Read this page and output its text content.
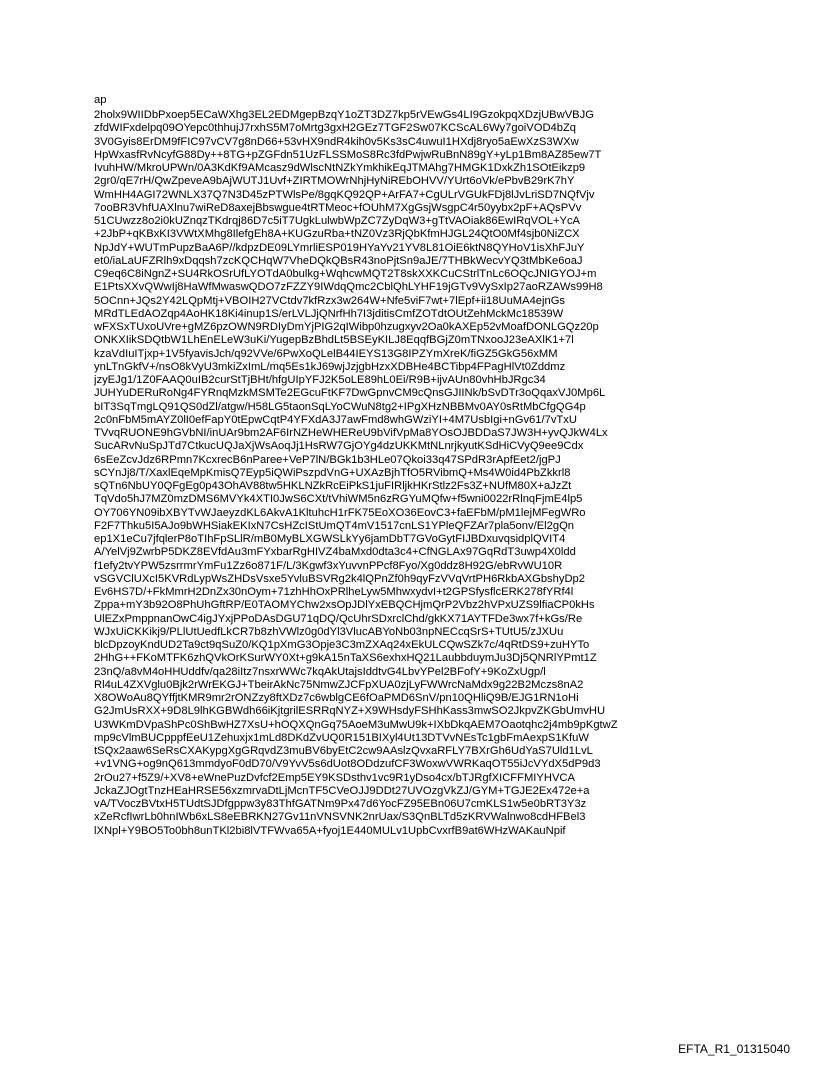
ap
2holx9WIIDbPxoep5ECaWXhg3EL2EDMgepBzqY1oZT3DZ7kp5rVEwGs4LI9GzokpqXDzjUBwVBJG
zfdWIFxdelpq09OYepc0thhujJ7rxhS5M7oMrtg3gxH2GEz7TGF2Sw07KCScAL6Wy7goiVOD4bZq
3V0Gyis8ErDM9fFIC97vCV7g8nD66+53vHX9ndR4kih0v5Ks3sC4uwuI1HXdj8ryo5aEwXzS3WXw
HpWxasfRvNcyfG88Dy++8TG+pZGFdn51UzFLSSMoS8Rc3fdPwjwRuBnN89gY+yLp1Bm8AZ85ew7T
IvuhHW/MkroUPWn/0A3KdKf9AMcasz9dWlscNtNZkYmkhikEqJTMAhg7HMGK1DxkZh1SOtEikzp9
2gr0/qE7rH/QwZpeveA9bAjWUTJ1Uvf+ZIRTMOWrNhjHyNiREbOHVV/YUrt6oVk/ePbvB29rK7hY
WmHH4AGI72WNLX37Q7N3D45zPTWlsPe/8gqKQ92QP+ArFA7+CgULrVGUkFDj8lJvLriSD7NQfVjv
7ooBR3VhfUAXlnu7wiReD8axejBbswgue4tRTMeoc+fOUhM7XgGsjWsgpC4r50yybx2pF+AQsPVv
51CUwzz8o2i0kUZnqzTKdrqj86D7c5iT7UgkLulwbWpZC7ZyDqW3+gTtVAOiak86EwIRqVOL+YcA
+2JbP+qKBxKI3VWtXMhg8IlefgEh8A+KUGzuRba+tNZ0Vz3RjQbKfmHJGL24QtO0Mf4sjb0NiZCX
NpJdY+WUTmPupzBaA6P//kdpzDE09LYmrliESP019HYaYv21YV8L81OiE6ktN8QYHoV1isXhFJuY
et0/iaLaUFZRlh9xDqqsh7zcKQCHqW7VheDQkQBsR43noPjtSn9aJE/7THBkWecvYQ3tMbKe6oaJ
C9eq6C8iNgnZ+SU4RkOSrUfLYOTdA0bulkg+WqhcwMQT2T8skXXKCuCStrlTnLc6OQcJNIGYOJ+m
E1PtsXXvQWwIj8HaWfMwaswQDO7zFZZY9IWdqQmc2CblQhLYHF19jGTv9VySxIp27aoRZAWs99H8
5OCnn+JQs2Y42LQpMtj+VBOIH27VCtdv7kfRzx3w264W+Nfe5viF7wt+7lEpf+ii18UuMA4ejnGs
MRdTLEdAOZqp4AoHK18Ki4inup1S/erLVLJjQNrfHh7I3jditisCmfZOTdtOUtZehMckMc18539W
wFXSxTUxoUVre+gMZ6pzOWN9RDIyDmYjPIG2qIWibp0hzugxyv2Oa0kAXEp52vMoafDONLGQz20p
ONKXIikSDQtbW1LhEnELeW3uKi/YugepBzBhdLt5BSEyKILJ8EqqfBGjZ0mTNxooJ23eAXlK1+7l
kzaVdIuITjxp+1V5fyavisJch/q92VVe/6PwXoQLelB44IEYS13G8IPZYmXreK/fiGZ5GkG56xMM
ynLTnGkfV+/nsO8kVyU3mkiZxImL/mq5Es1kJ69wjJzjgbHzxXDBHe4BCTibp4FPagHlVt0Zddmz
jzyEJg1/1Z0FAAQ0uIB2curStTjBHt/hfgUIpYFJ2K5oLE89hL0Ei/R9B+ijvAUn80vhHbJRgc34
JUHYuDERuRoNg4FYRnqMzkMSMTe2EGcuFtKF7DwGpnvCM9cQnsGJIINk/bSvDTr3oQqaxVJ0Mp6L
bIT3SqTmgLQ91QS0dZl/atgw/H58LG5taonSqLYoCWuN8tg2+IPgXHzNBBMv0AY0sRtMbCfgQG4p
2c0nFbM5mAYZ0lI0efFapY0tEpwCqtP4YFXdA3J7awFmd8whGWziYI+4M7UsbIgi+nGv61/7vTxU
TVvqRUONE9hGVbNI/inUAr9bm2AF6IrNZHeWHEReU9bVifVpMa8YOsOJBDDaS7JW3H+yvQJkW4Lx
SucARvNuSpJTd7CtkucUQJaXjWsAoqJj1HsRW7GjOYg4dzUKKMtNLnrjkyutKSdHiCVyQ9ee9Cdx
6sEeZcvJdz6RPmn7KcxrecB6nParee+VeP7lN/BGk1b3HLe07Qkoi33q47SPdR3rApfEet2/jgPJ
sCYnJj8/T/XaxlEqeMpKmisQ7Eyp5iQWiPszpdVnG+UXAzBjhTfO5RVibmQ+Ms4W0id4PbZkkrl8
sQTn6NbUY0QFgEg0p43OhAV88tw5HKLNZkRcEiPkS1juFIRljkHKrStlz2Fs3Z+NUfM80X+aJzZt
TqVdo5hJ7MZ0mzDMS6MVYk4XTI0JwS6CXt/tVhiWM5n6zRGYuMQfw+f5wni0022rRlnqFjmE4lp5
OY706YN09ibXBYTvWJaeyzdKL6AkvA1KltuhcH1rFK75EoXO36EovC3+faEFbM/pM1lejMFegWRo
F2F7Thku5I5AJo9bWHSiakEKIxN7CsHZcIStUmQT4mV1517cnLS1YPleQFZAr7pla5onv/El2gQn
ep1X1eCu7jfqlerP8oTIhFpSLlR/mB0MyBLXGWSLkYy6jamDbT7GVoGytFIJBDxuvqsidplQVIT4
A/YelVj9ZwrbP5DKZ8EVfdAu3mFYxbarRgHIVZ4baMxd0dta3c4+CfNGLAx97GqRdT3uwp4X0ldd
f1efy2tvYPW5zsrrmrYmFu1Zz6o871F/L/3Kgwf3xYuvvnPPcf8Fyo/Xg0ddz8H92G/ebRvWU10R
vSGVClUXcI5KVRdLypWsZHDsVsxe5YvluBSVRg2k4lQPnZf0h9qyFzVVqVrtPH6RkbAXGbshyDp2
Ev6HS7D/+FkMmrH2DnZx30nOym+71zhHhOxPRlheLyw5MhwxydvI+t2GPSfysflcERK278fYRf4l
Zppa+mY3b92O8PhUhGftRP/E0TAOMYChw2xsOpJDlYxEBQCHjmQrP2Vbz2hVPxUZS9lfiaCP0kHs
UlEZxPmppnanOwC4igJYxjPPoDAsDGU71qDQ/QcUhrSDxrclChd/gkKX71AYTFDe3wx7f+kGs/Re
WJxUiCKKikj9/PLlUtUedfLkCR7b8zhVWlz0g0dYl3VlucABYoNb03npNECcqSrS+TUtU5/zJXUu
blcDpzoyKndUD2Ta9ct9qSuZ0/KQ1pXmG3Opje3C3mZXAq24xEkULCQwSZk7c/4qRtDS9+zuHYTo
2HhG++FKoMTFK6zhQVkOrKSurWY0Xt+g9kA15nTaXS6exhxHQ21LaubbduymJu3Dj5QNRlYPmt1Z
23nQ/a8vM4oHHUddfv/qa28iItz7nsxrWWc7kqAkUtajsIddtvG4LbvYPel2BFofY+9KoZxUgp/l
Rl4uL4ZXVglu0Bjk2rWrEKGJ+TbeirAkNc75NmwZJCFpXUA0zjLyFWWrcNaMdx9g22B2Mczs8nA2
X8OWoAu8QYffjtKMR9mr2rONZzy8ftXDz7c6wblgCE6fOaPMD6SnV/pn10QHliQ9B/EJG1RN1oHi
G2JmUsRXX+9D8L9lhKGBWdh66iKjtgrilESRRqNYZ+X9WHsdyFSHhKass3mwSO2JkpvZKGbUmvHU
U3WKmDVpaShPc0ShBwHZ7XsU+hOQXQnGq75AoeM3uMwU9k+IXbDkqAEM7Oaotqhc2j4mb9pKgtwZ
mp9cVlmBUCpppfEeU1Zehuxjx1mLd8DKdZvUQ0R151BIXyl4Ut13DTVvNEsTc1gbFmAexpS1KfuW
tSQx2aaw6SeRsCXAKypgXgGRqvdZ3muBV6byEtC2cw9AAslzQvxaRFLY7BXrGh6UdYaS7Uld1LvL
+v1VNG+og9nQ613mmdyoF0dD70/V9YvV5s6dUot8ODdzufCF3WoxwVWRKaqOT55iJcVYdX5dP9d3
2rOu27+f5Z9/+XV8+eWnePuzDvfcf2Emp5EY9KSDsthv1vc9R1yDso4cx/bTJRgfXICFFMIYHVCA
JckaZJOgtTnzHEaHRSE56xzmrvaDtLjMcnTF5CVeOJJ9DDt27UVOzgVkZJ/GYM+TGJE2Ex472e+a
vA/TVoczBVtxH5TUdtSJDfgppw3y83ThfGATNm9Px47d6YocFZ95EBn06U7cmKLS1w5e0bRT3Y3z
xZeRcfIwrLb0hnIWb6xLS8eEBRKN27Gv11nVNSVNK2nrUax/S3QnBLTd5zKRVWalnwo8cdHFBel3
lXNpl+Y9BO5To0bh8unTKl2bi8lVTFWva65A+fyoj1E440MULv1UpbCvxrfB9at6WHzWAKauNpif
EFTA_R1_01315040
